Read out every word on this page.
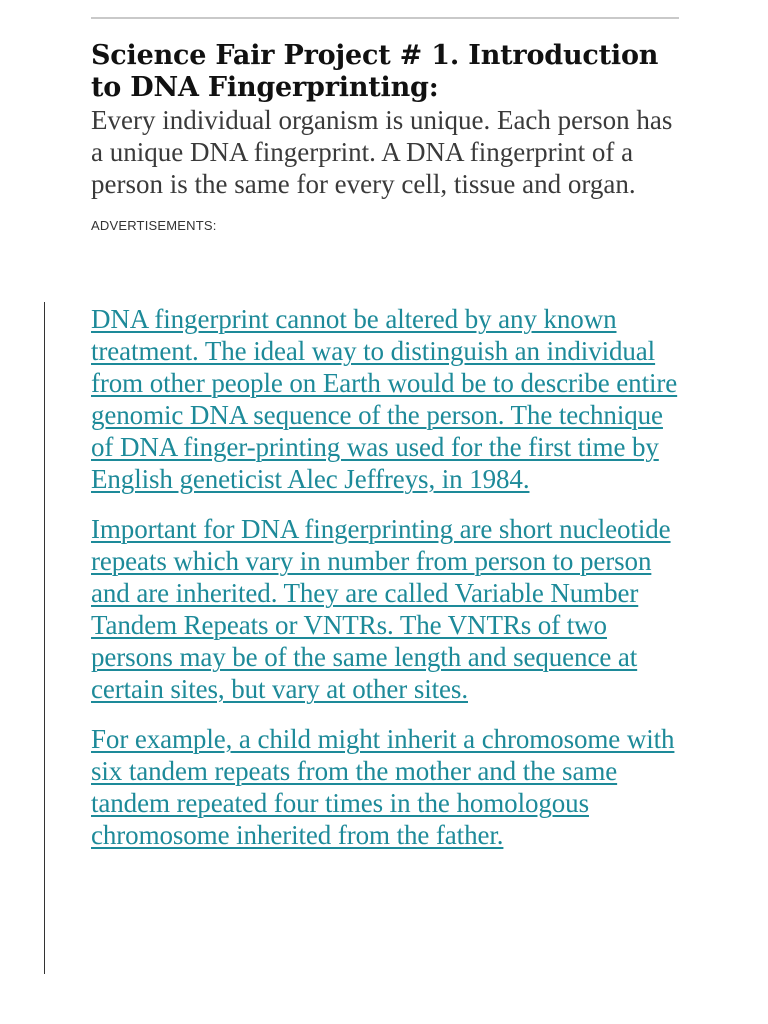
Science Fair Project # 1. Introduction to DNA Fingerprinting:

Every individual organism is unique. Each person has a unique DNA fingerprint. A DNA fingerprint of a person is the same for every cell, tissue and organ.

ADVERTISEMENTS:

DNA fingerprint cannot be altered by any known treatment. The ideal way to distinguish an individual from other people on Earth would be to describe entire genomic DNA sequence of the person. The technique of DNA finger-printing was used for the first time by English geneticist Alec Jeffreys, in 1984.

Important for DNA fingerprinting are short nucleotide repeats which vary in number from person to person and are inherited. They are called Variable Number Tandem Repeats or VNTRs. The VNTRs of two persons may be of the same length and sequence at certain sites, but vary at other sites.

For example, a child might inherit a chromosome with six tandem repeats from the mother and the same tandem repeated four times in the homologous chromosome inherited from the father.
